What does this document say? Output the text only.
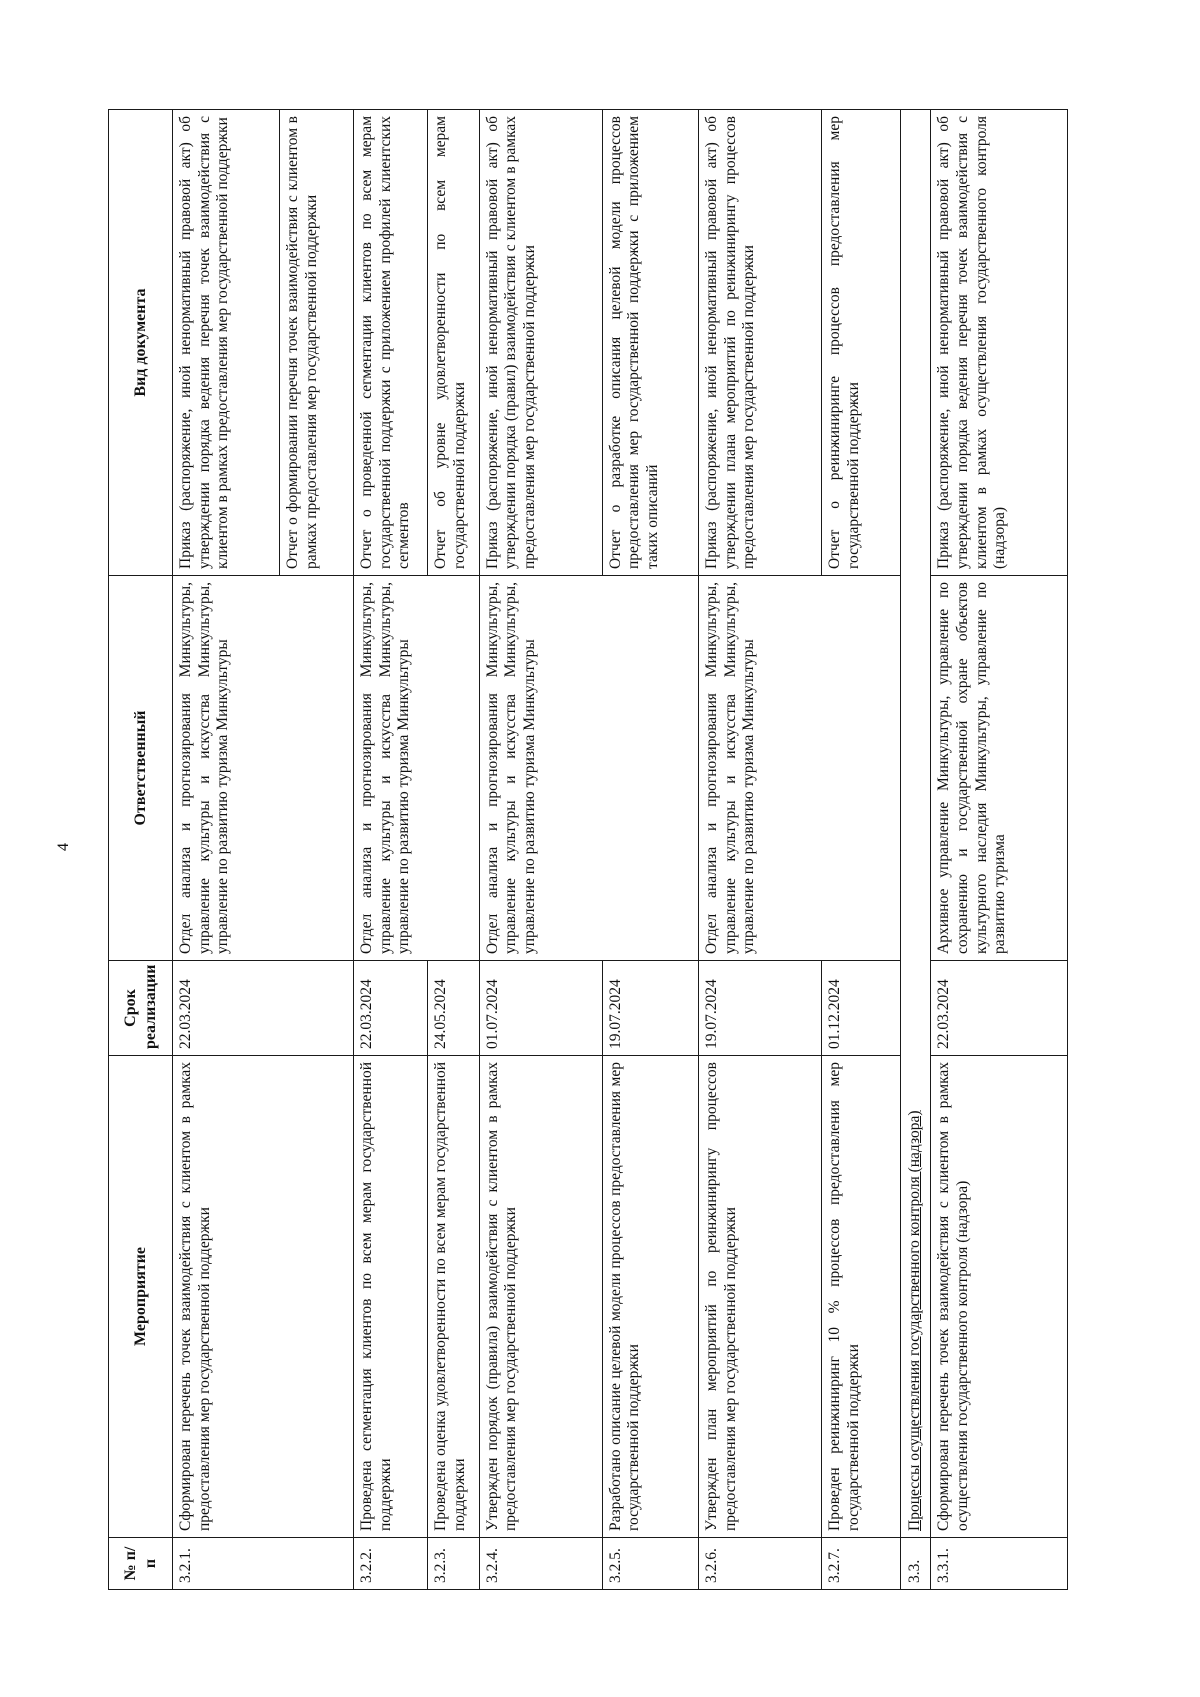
4
№ п/п	Мероприятие	Срок реализации	Ответственный	Вид документа
3.2.1.	Сформирован перечень точек взаимодействия с клиентом в рамках предоставления мер государственной поддержки	22.03.2024	Отдел анализа и прогнозирования Минкультуры, управление культуры и искусства Минкультуры, управление по развитию туризма Минкультуры	Приказ (распоряжение, иной ненормативный правовой акт) об утверждении порядка ведения перечня точек взаимодействия с клиентом в рамках предоставления мер государственной поддержки
				Отчет о формировании перечня точек взаимодействия с клиентом в рамках предоставления мер государственной поддержки
3.2.2.	Проведена сегментация клиентов по всем мерам государственной поддержки	22.03.2024	Отдел анализа и прогнозирования Минкультуры, управление культуры и искусства Минкультуры, управление по развитию туризма Минкультуры	Отчет о проведенной сегментации клиентов по всем мерам государственной поддержки с приложением профилей клиентских сегментов
3.2.3.	Проведена оценка удовлетворенности по всем мерам государственной поддержки	24.05.2024		Отчет об уровне удовлетворенности по всем мерам государственной поддержки
3.2.4.	Утвержден порядок (правила) взаимодействия с клиентом в рамках предоставления мер государственной поддержки	01.07.2024	Отдел анализа и прогнозирования Минкультуры, управление культуры и искусства Минкультуры, управление по развитию туризма Минкультуры	Приказ (распоряжение, иной ненормативный правовой акт) об утверждении порядка (правил) взаимодействия с клиентом в рамках предоставления мер государственной поддержки
3.2.5.	Разработано описание целевой модели процессов предоставления мер государственной поддержки	19.07.2024		Отчет о разработке описания целевой модели процессов предоставления мер государственной поддержки с приложением таких описаний
3.2.6.	Утвержден план мероприятий по реинжинирингу процессов предоставления мер государственной поддержки	19.07.2024	Отдел анализа и прогнозирования Минкультуры, управление культуры и искусства Минкультуры, управление по развитию туризма Минкультуры	Приказ (распоряжение, иной ненормативный правовой акт) об утверждении плана мероприятий по реинжинирингу процессов предоставления мер государственной поддержки
3.2.7.	Проведен реинжиниринг 10 % процессов предоставления мер государственной поддержки	01.12.2024		Отчет о реинжиниринге процессов предоставления мер государственной поддержки
3.3.	Процессы осуществления государственного контроля (надзора)			
3.3.1.	Сформирован перечень точек взаимодействия с клиентом в рамках осуществления государственного контроля (надзора)	22.03.2024	Архивное управление Минкультуры, управление по сохранению и государственной охране объектов культурного наследия Минкультуры, управление по развитию туризма	Приказ (распоряжение, иной ненормативный правовой акт) об утверждении порядка ведения перечня точек взаимодействия с клиентом в рамках осуществления государственного контроля (надзора)
